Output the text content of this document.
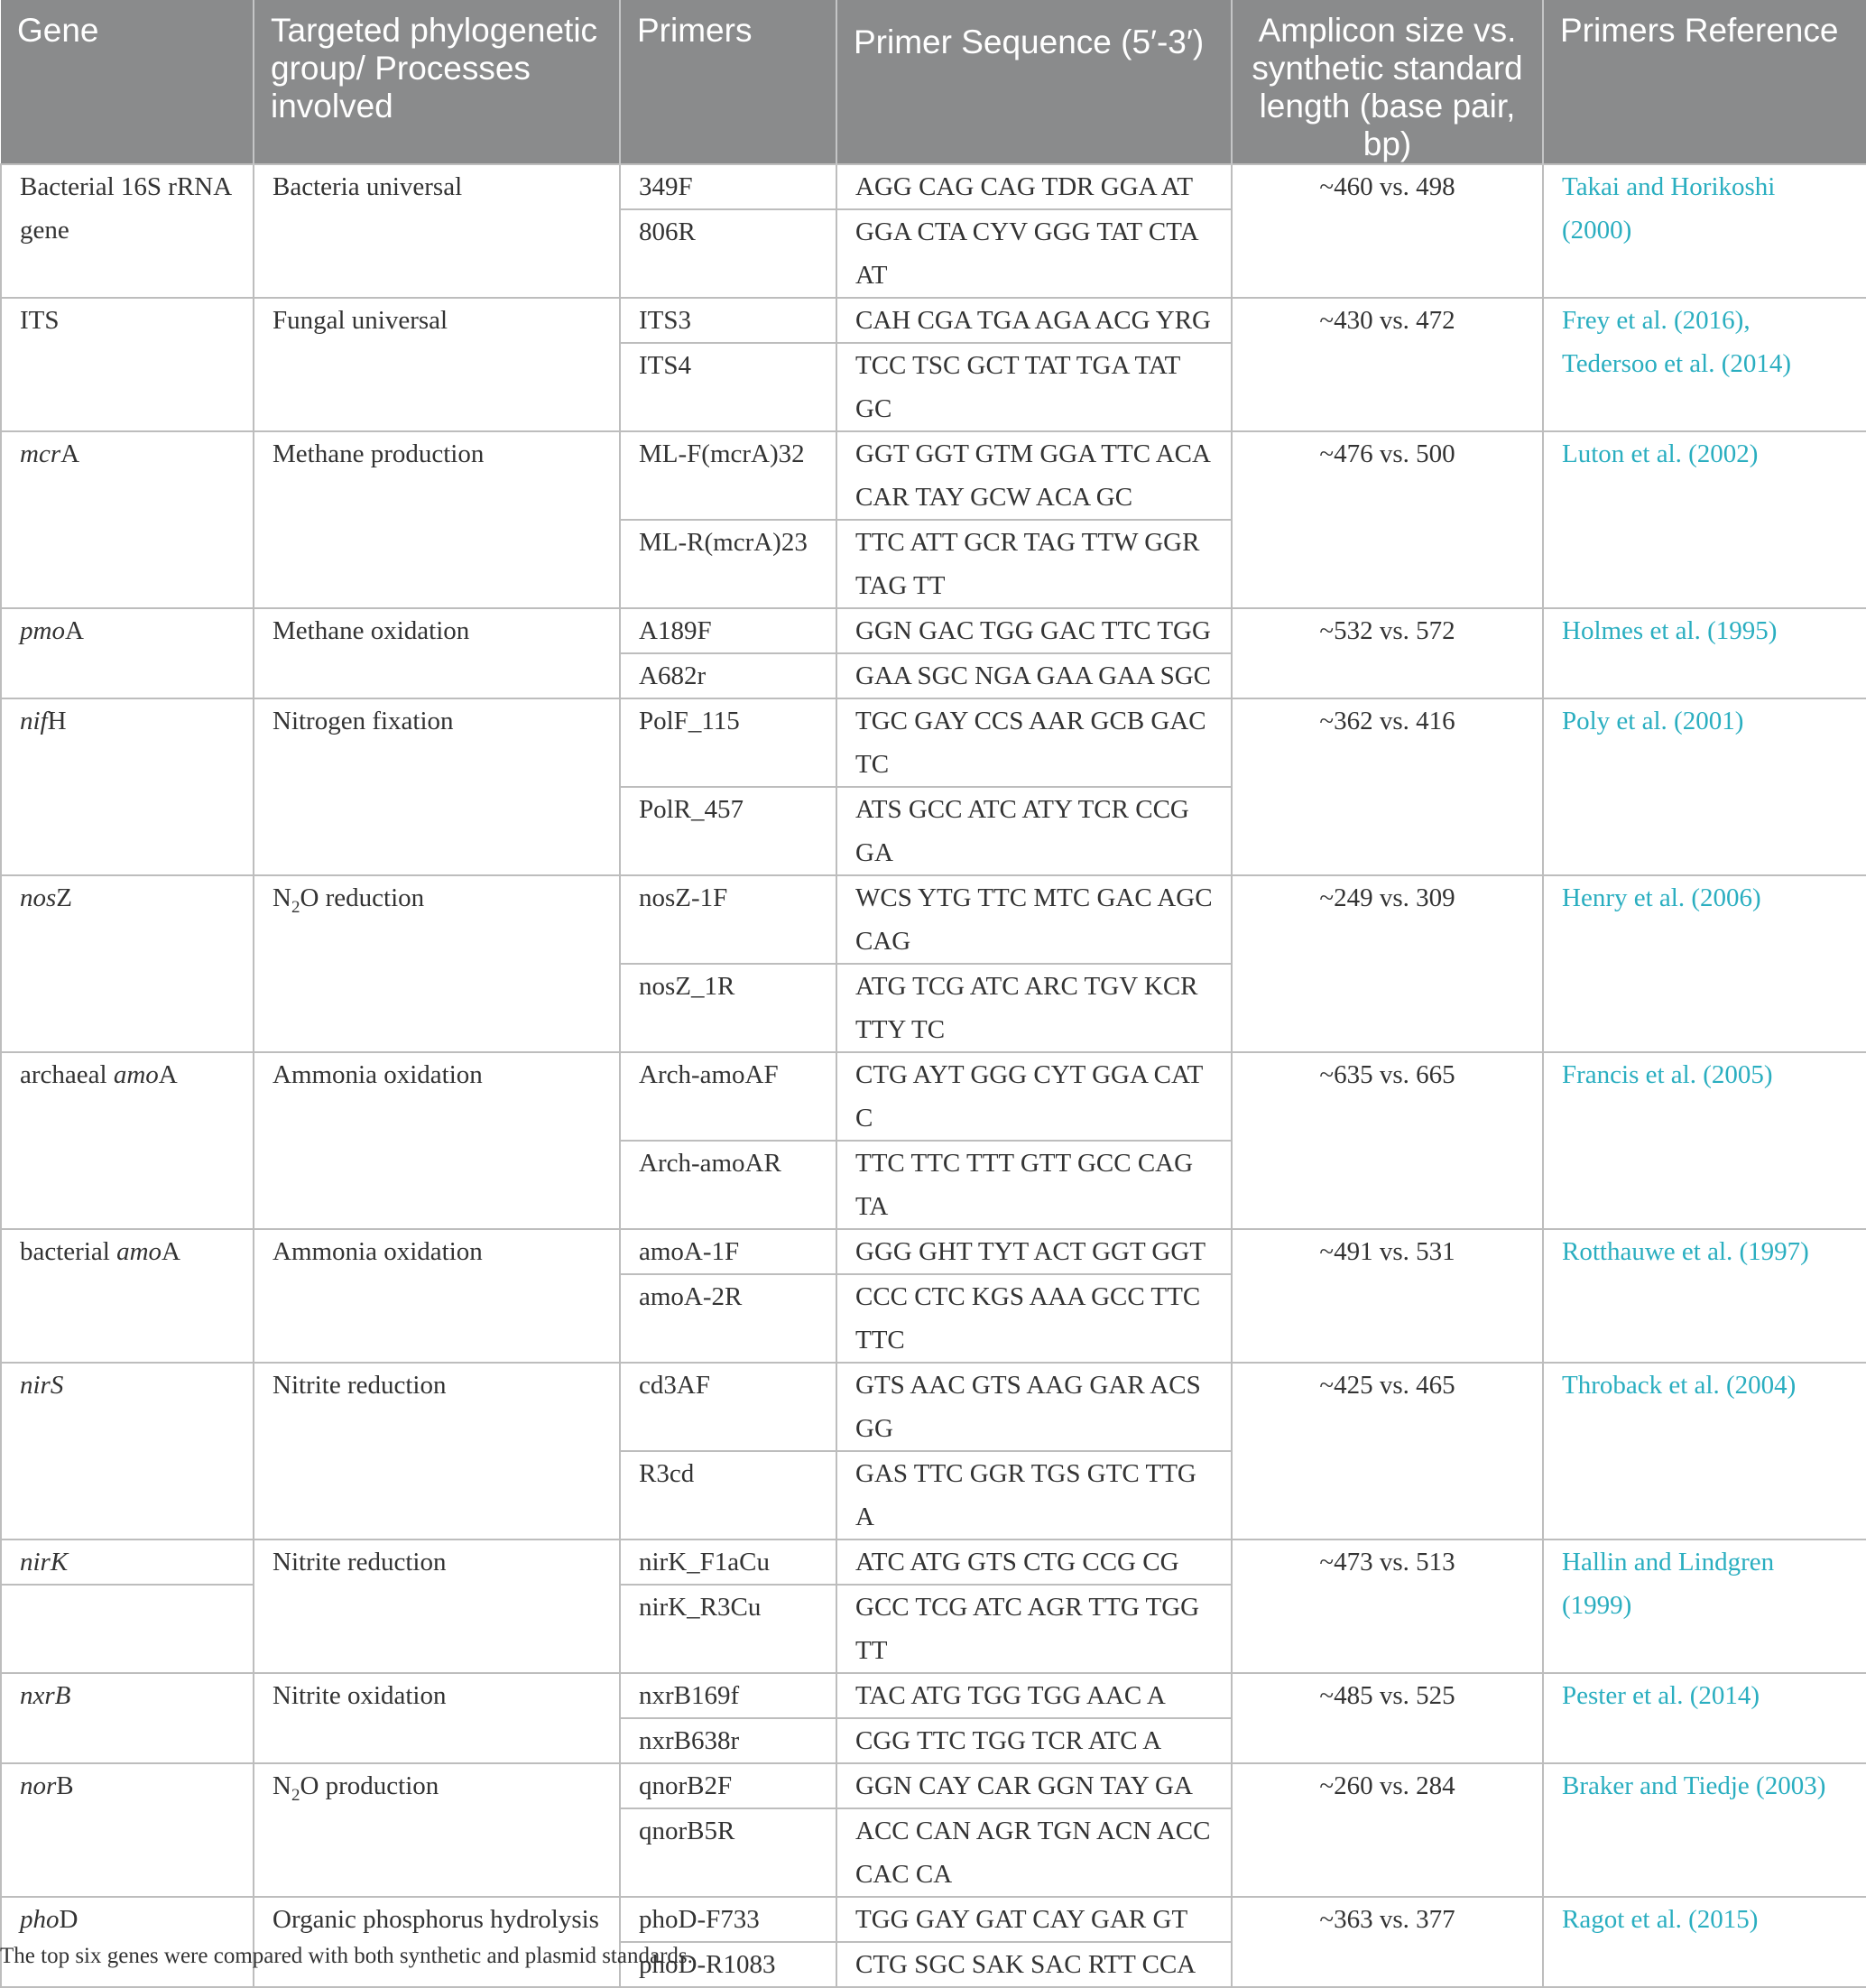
Gene	Targeted phylogenetic group/ Processes involved	Primers	Primer Sequence (5′-3′)	Amplicon size vs. synthetic standard length (base pair, bp)	Primers Reference
Bacterial 16S rRNA gene	Bacteria universal	349F	AGG CAG CAG TDR GGA AT	~460 vs. 498	Takai and Horikoshi (2000)
		806R	GGA CTA CYV GGG TAT CTA AT		
ITS	Fungal universal	ITS3	CAH CGA TGA AGA ACG YRG	~430 vs. 472	Frey et al. (2016), Tedersoo et al. (2014)
		ITS4	TCC TSC GCT TAT TGA TAT GC		
mcrA	Methane production	ML-F(mcrA)32	GGT GGT GTM GGA TTC ACA CAR TAY GCW ACA GC	~476 vs. 500	Luton et al. (2002)
		ML-R(mcrA)23	TTC ATT GCR TAG TTW GGR TAG TT		
pmoA	Methane oxidation	A189F	GGN GAC TGG GAC TTC TGG	~532 vs. 572	Holmes et al. (1995)
		A682r	GAA SGC NGA GAA GAA SGC		
nifH	Nitrogen fixation	PolF_115	TGC GAY CCS AAR GCB GAC TC	~362 vs. 416	Poly et al. (2001)
		PolR_457	ATS GCC ATC ATY TCR CCG GA		
nosZ	$N_2O$ reduction	nosZ-1F	WCS YTG TTC MTC GAC AGC CAG	~249 vs. 309	Henry et al. (2006)
		nosZ_1R	ATG TCG ATC ARC TGV KCR TTY TC		
archaeal amoA	Ammonia oxidation	Arch-amoAF	CTG AYT GGG CYT GGA CAT C	~635 vs. 665	Francis et al. (2005)
		Arch-amoAR	TTC TTC TTT GTT GCC CAG TA		
bacterial amoA	Ammonia oxidation	amoA-1F	GGG GHT TYT ACT GGT GGT	~491 vs. 531	Rotthauwe et al. (1997)
		amoA-2R	CCC CTC KGS AAA GCC TTC TTC		
nirS	Nitrite reduction	cd3AF	GTS AAC GTS AAG GAR ACS GG	~425 vs. 465	Throback et al. (2004)
		R3cd	GAS TTC GGR TGS GTC TTG A		
nirK	Nitrite reduction	nirK_F1aCu	ATC ATG GTS CTG CCG CG	~473 vs. 513	Hallin and Lindgren (1999)
		nirK_R3Cu	GCC TCG ATC AGR TTG TGG TT		
nxrB	Nitrite oxidation	nxrB169f	TAC ATG TGG TGG AAC A	~485 vs. 525	Pester et al. (2014)
		nxrB638r	CGG TTC TGG TCR ATC A		
norB	$N_2O$ production	qnorB2F	GGN CAY CAR GGN TAY GA	~260 vs. 284	Braker and Tiedje (2003)
		qnorB5R	ACC CAN AGR TGN ACN ACC CAC CA		
phoD	Organic phosphorus hydrolysis	phoD-F733	TGG GAY GAT CAY GAR GT	~363 vs. 377	Ragot et al. (2015)
		phoD-R1083	CTG SGC SAK SAC RTT CCA		
The top six genes were compared with both synthetic and plasmid standards.
